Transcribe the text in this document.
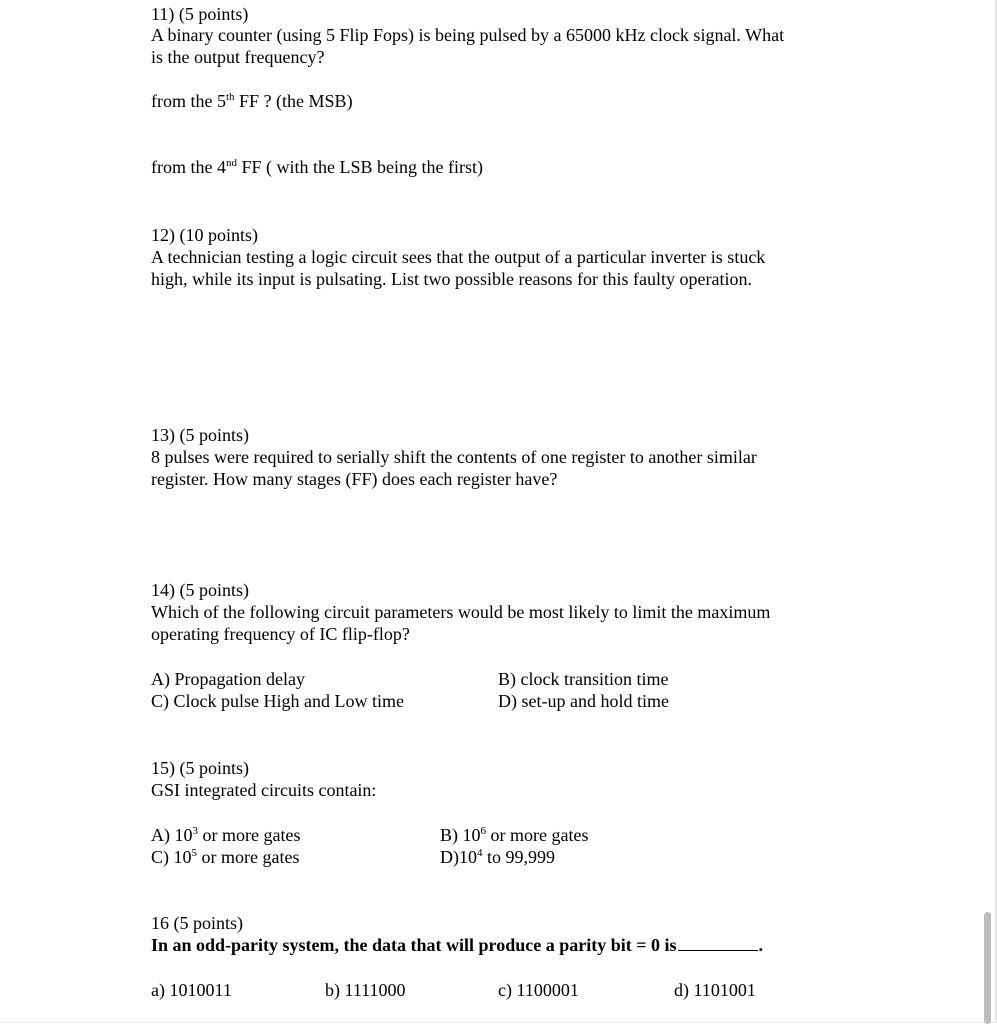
11) (5 points)
A binary counter (using 5 Flip Fops) is being pulsed by a 65000 kHz clock signal. What
is the output frequency?
from the 5th FF ? (the MSB)
from the 4nd FF ( with the LSB being the first)
12) (10 points)
A technician testing a logic circuit sees that the output of a particular inverter is stuck
high, while its input is pulsating. List two possible reasons for this faulty operation.
13) (5 points)
8 pulses were required to serially shift the contents of one register to another similar
register. How many stages (FF) does each register have?
14) (5 points)
Which of the following circuit parameters would be most likely to limit the maximum
operating frequency of IC flip-flop?
A) Propagation delay	B) clock transition time
C) Clock pulse High and Low time	D) set-up and hold time
15) (5 points)
GSI integrated circuits contain:
A) $10^3$ or more gates	B) $10^6$ or more gates
C) $10^5$ or more gates	$D)10^4$ to 99,999
16 (5 points)
In an odd-parity system, the data that will produce a parity bit = 0 is	.
a) 1010011	b) 1111000	c) 1100001	d) 1101001
